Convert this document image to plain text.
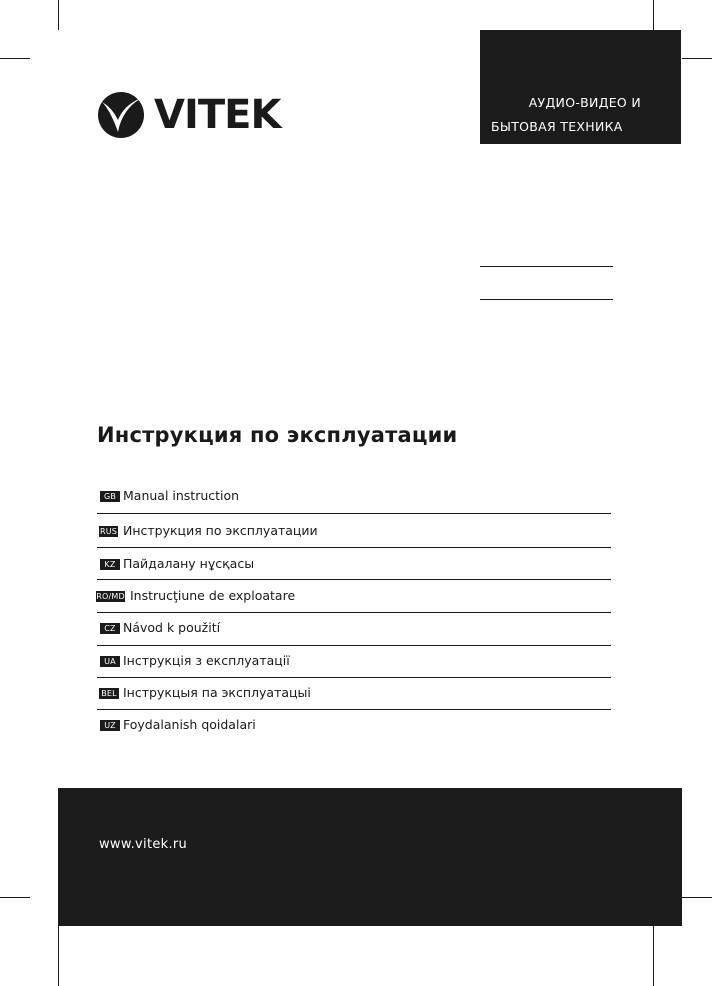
VITEK	АУДИО-ВИДЕО И
БЫТОВАЯ ТЕХНИКА
Инструкция по эксплуатации
GB Manual instruction
RUS Инструкция по эксплуатации
KZ Пайдалану нұсқасы
RO/MD Instrucţiune de exploatare
CZ Návod k použití
UA Інструкція з експлуатації
BEL Інструкцыя па эксплуатацыі
UZ Foydalanish qoidalari
www.vitek.ru
